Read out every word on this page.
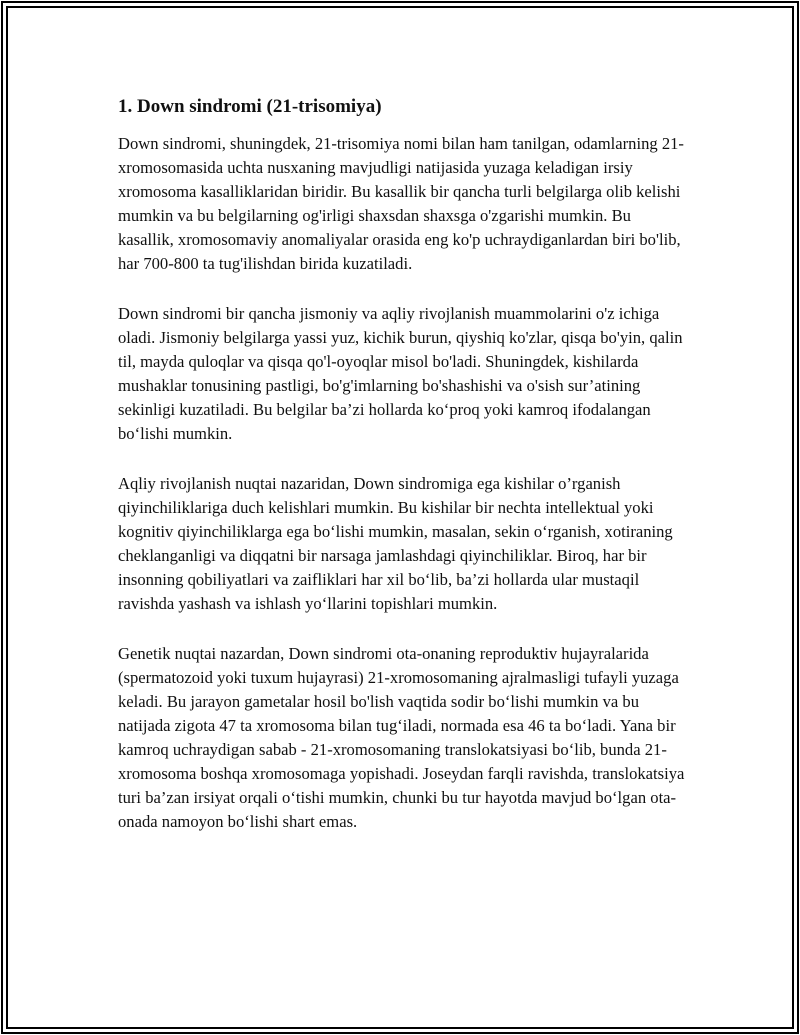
1. Down sindromi (21-trisomiya)

Down sindromi, shuningdek, 21-trisomiya nomi bilan ham tanilgan, odamlarning 21-xromosomasida uchta nusxaning mavjudligi natijasida yuzaga keladigan irsiy xromosoma kasalliklaridan biridir. Bu kasallik bir qancha turli belgilarga olib kelishi mumkin va bu belgilarning og'irligi shaxsdan shaxsga o'zgarishi mumkin. Bu kasallik, xromosomaviy anomaliyalar orasida eng ko'p uchraydiganlardan biri bo'lib, har 700-800 ta tug'ilishdan birida kuzatiladi.

Down sindromi bir qancha jismoniy va aqliy rivojlanish muammolarini o'z ichiga oladi. Jismoniy belgilarga yassi yuz, kichik burun, qiyshiq ko'zlar, qisqa bo'yin, qalin til, mayda quloqlar va qisqa qo'l-oyoqlar misol bo'ladi. Shuningdek, kishilarda mushaklar tonusining pastligi, bo'g'imlarning bo'shashishi va o'sish sur’atining sekinligi kuzatiladi. Bu belgilar ba’zi hollarda ko‘proq yoki kamroq ifodalangan bo‘lishi mumkin.

Aqliy rivojlanish nuqtai nazaridan, Down sindromiga ega kishilar o’rganish qiyinchiliklariga duch kelishlari mumkin. Bu kishilar bir nechta intellektual yoki kognitiv qiyinchiliklarga ega bo‘lishi mumkin, masalan, sekin o‘rganish, xotiraning cheklanganligi va diqqatni bir narsaga jamlashdagi qiyinchiliklar. Biroq, har bir insonning qobiliyatlari va zaifliklari har xil bo‘lib, ba’zi hollarda ular mustaqil ravishda yashash va ishlash yo‘llarini topishlari mumkin.

Genetik nuqtai nazardan, Down sindromi ota-onaning reproduktiv hujayralarida (spermatozoid yoki tuxum hujayrasi) 21-xromosomaning ajralmasligi tufayli yuzaga keladi. Bu jarayon gametalar hosil bo'lish vaqtida sodir bo‘lishi mumkin va bu natijada zigota 47 ta xromosoma bilan tug‘iladi, normada esa 46 ta bo‘ladi. Yana bir kamroq uchraydigan sabab - 21-xromosomaning translokatsiyasi bo‘lib, bunda 21-xromosoma boshqa xromosomaga yopishadi. Joseydan farqli ravishda, translokatsiya turi ba’zan irsiyat orqali o‘tishi mumkin, chunki bu tur hayotda mavjud bo‘lgan ota-onada namoyon bo‘lishi shart emas.
